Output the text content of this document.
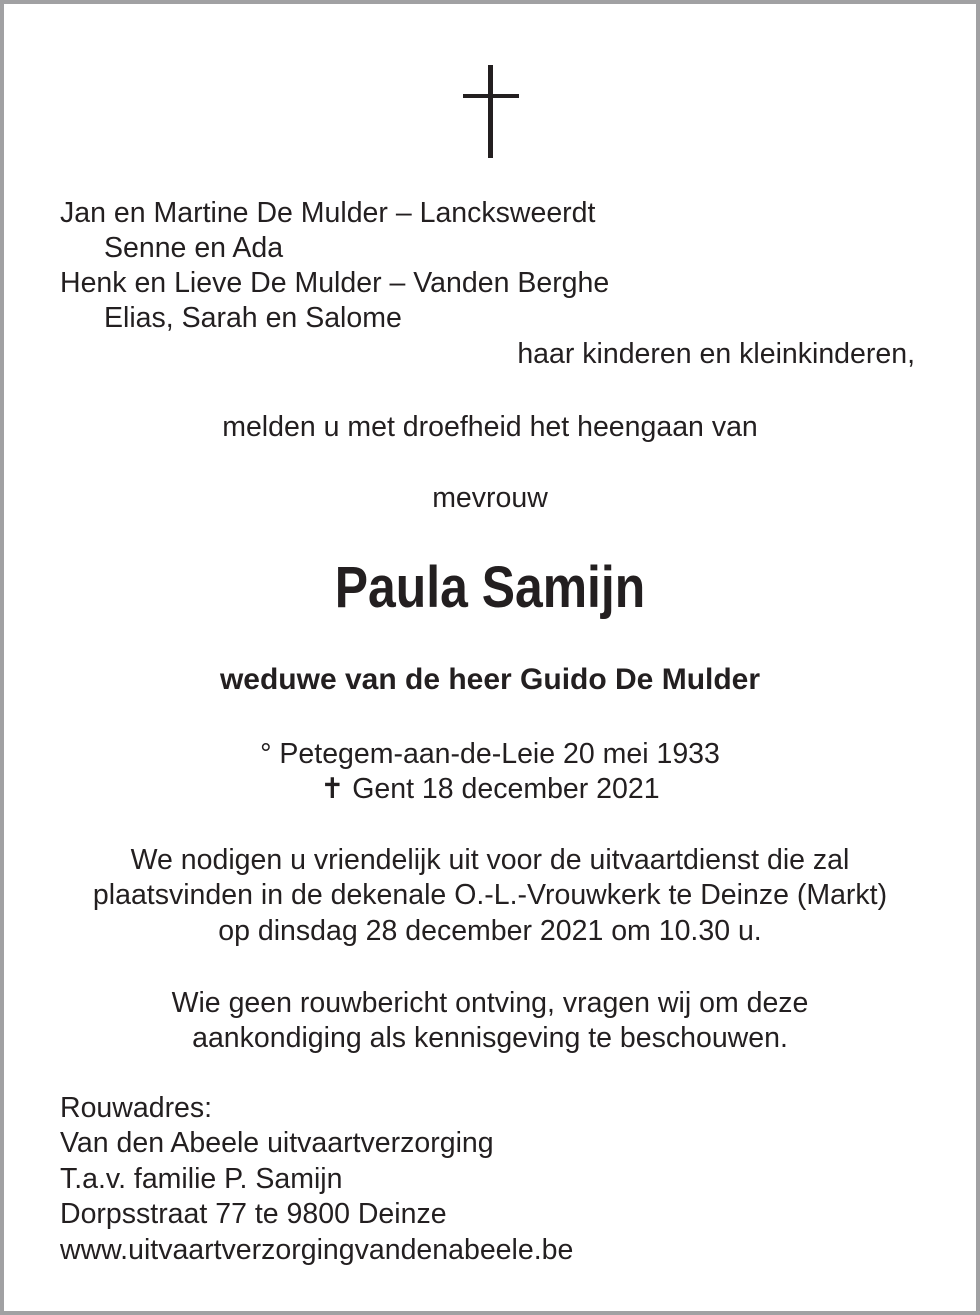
Jan en Martine De Mulder – Lancksweerdt
Senne en Ada
Henk en Lieve De Mulder – Vanden Berghe
Elias, Sarah en Salome
haar kinderen en kleinkinderen,
melden u met droefheid het heengaan van
mevrouw
Paula Samijn
weduwe van de heer Guido De Mulder
° Petegem-aan-de-Leie 20 mei 1933
✝ Gent 18 december 2021
We nodigen u vriendelijk uit voor de uitvaartdienst die zal
plaatsvinden in de dekenale O.-L.-Vrouwkerk te Deinze (Markt)
op dinsdag 28 december 2021 om 10.30 u.
Wie geen rouwbericht ontving, vragen wij om deze
aankondiging als kennisgeving te beschouwen.
Rouwadres:
Van den Abeele uitvaartverzorging
T.a.v. familie P. Samijn
Dorpsstraat 77 te 9800 Deinze
www.uitvaartverzorgingvandenabeele.be
